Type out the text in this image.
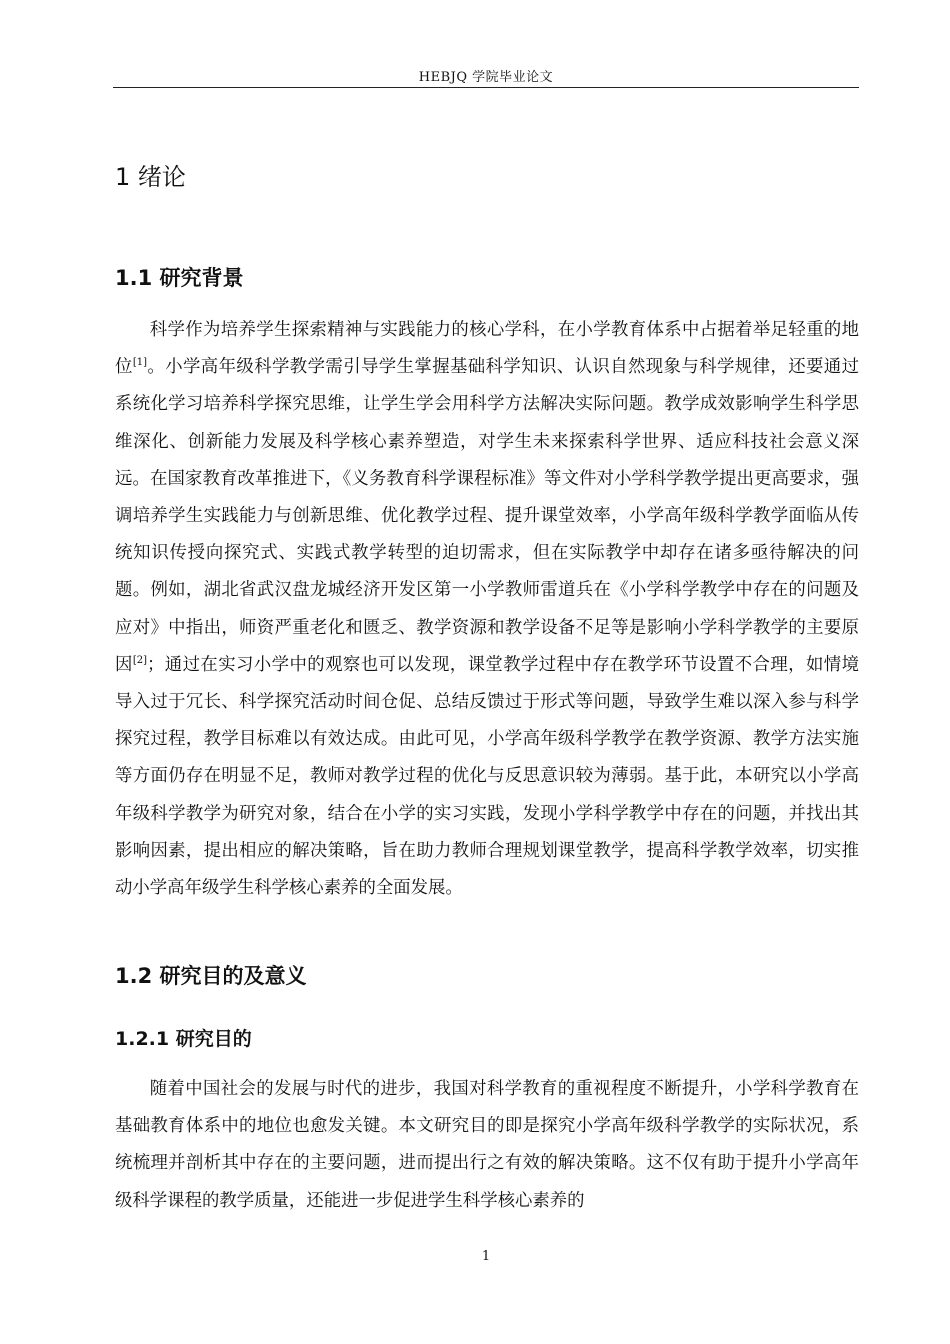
HEBJQ 学院毕业论文
1 绪论
1.1 研究背景

科学作为培养学生探索精神与实践能力的核心学科，在小学教育体系中占据着举足轻重的地位[1]。小学高年级科学教学需引导学生掌握基础科学知识、认识自然现象与科学规律，还要通过系统化学习培养科学探究思维，让学生学会用科学方法解决实际问题。教学成效影响学生科学思维深化、创新能力发展及科学核心素养塑造，对学生未来探索科学世界、适应科技社会意义深远。在国家教育改革推进下，《义务教育科学课程标准》等文件对小学科学教学提出更高要求，强调培养学生实践能力与创新思维、优化教学过程、提升课堂效率，小学高年级科学教学面临从传统知识传授向探究式、实践式教学转型的迫切需求，但在实际教学中却存在诸多亟待解决的问题。例如，湖北省武汉盘龙城经济开发区第一小学教师雷道兵在《小学科学教学中存在的问题及应对》中指出，师资严重老化和匮乏、教学资源和教学设备不足等是影响小学科学教学的主要原因[2]；通过在实习小学中的观察也可以发现，课堂教学过程中存在教学环节设置不合理，如情境导入过于冗长、科学探究活动时间仓促、总结反馈过于形式等问题，导致学生难以深入参与科学探究过程，教学目标难以有效达成。由此可见，小学高年级科学教学在教学资源、教学方法实施等方面仍存在明显不足，教师对教学过程的优化与反思意识较为薄弱。基于此，本研究以小学高年级科学教学为研究对象，结合在小学的实习实践，发现小学科学教学中存在的问题，并找出其影响因素，提出相应的解决策略，旨在助力教师合理规划课堂教学，提高科学教学效率，切实推动小学高年级学生科学核心素养的全面发展。

1.2 研究目的及意义
1.2.1 研究目的

随着中国社会的发展与时代的进步，我国对科学教育的重视程度不断提升，小学科学教育在基础教育体系中的地位也愈发关键。本文研究目的即是探究小学高年级科学教学的实际状况，系统梳理并剖析其中存在的主要问题，进而提出行之有效的解决策略。这不仅有助于提升小学高年级科学课程的教学质量，还能进一步促进学生科学核心素养的

1
